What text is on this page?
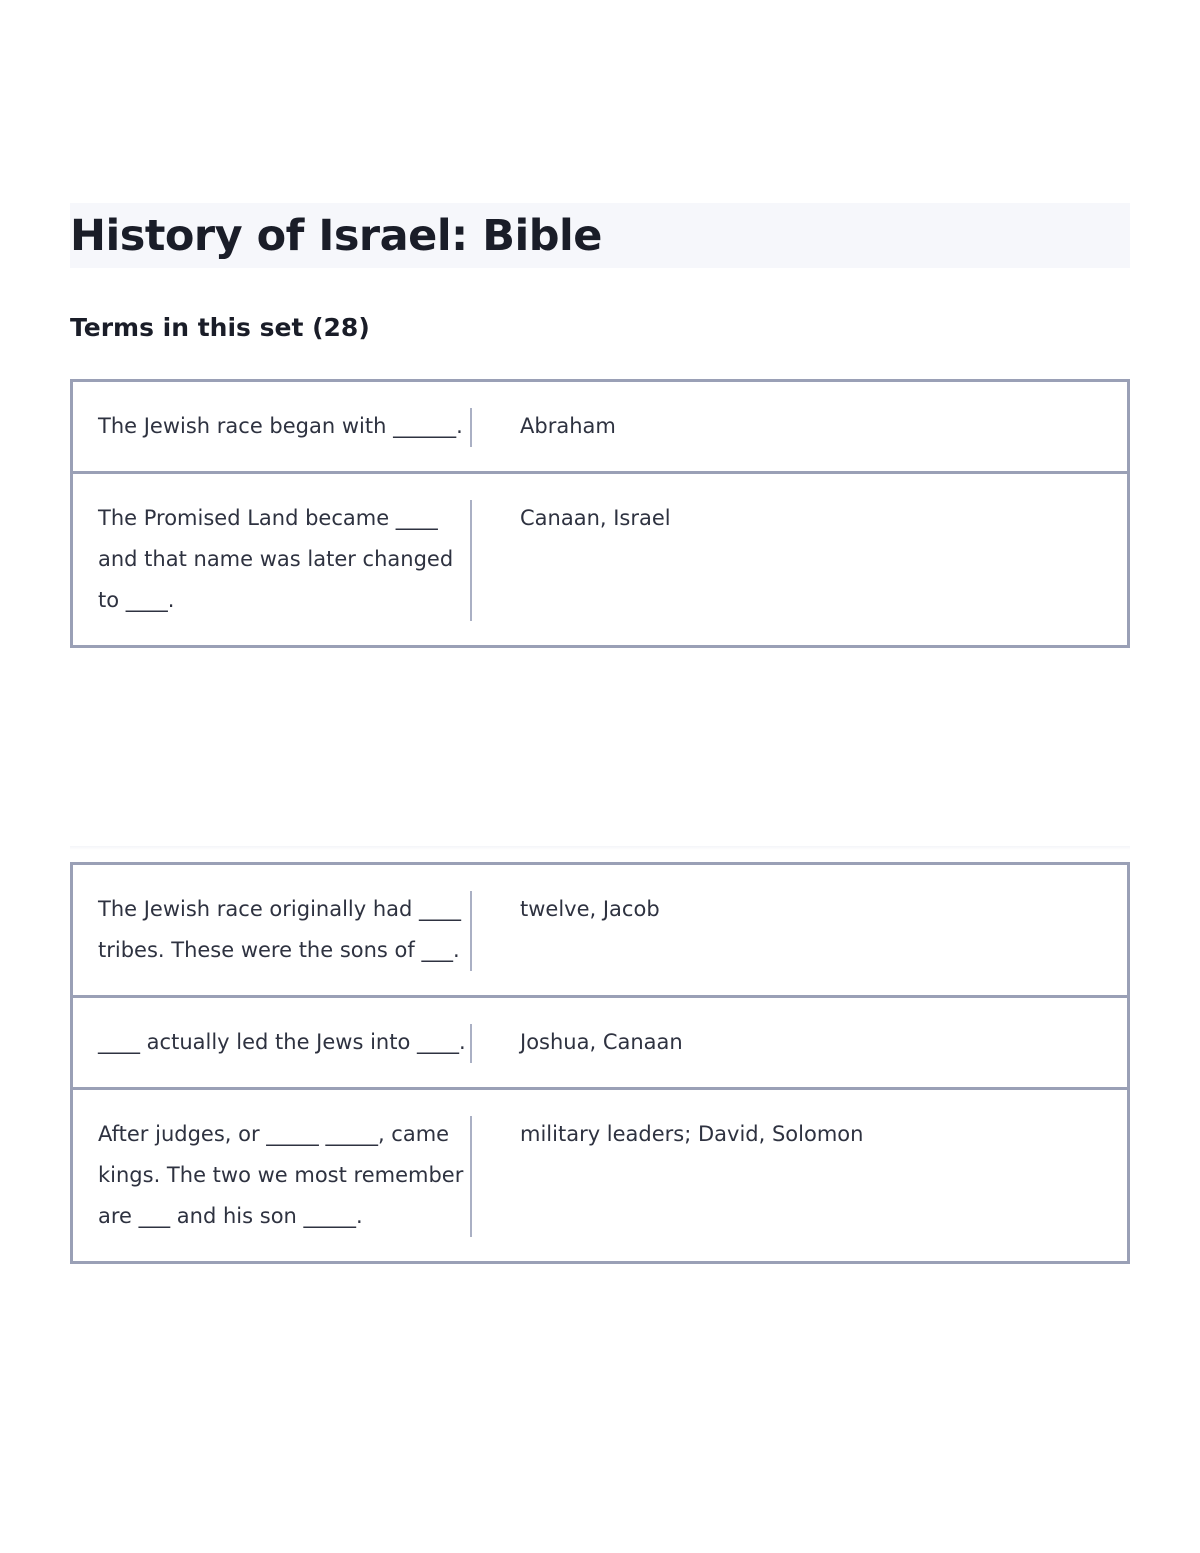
History of Israel: Bible
Terms in this set (28)
The Jewish race began with ______.	Abraham
The Promised Land became ____ and that name was later changed to ____.
Canaan, Israel
The Jewish race originally had ____ tribes. These were the sons of ___.
twelve, Jacob
____ actually led the Jews into ____.	Joshua, Canaan
After judges, or _____ _____, came kings. The two we most remember are ___ and his son _____.
military leaders; David, Solomon
